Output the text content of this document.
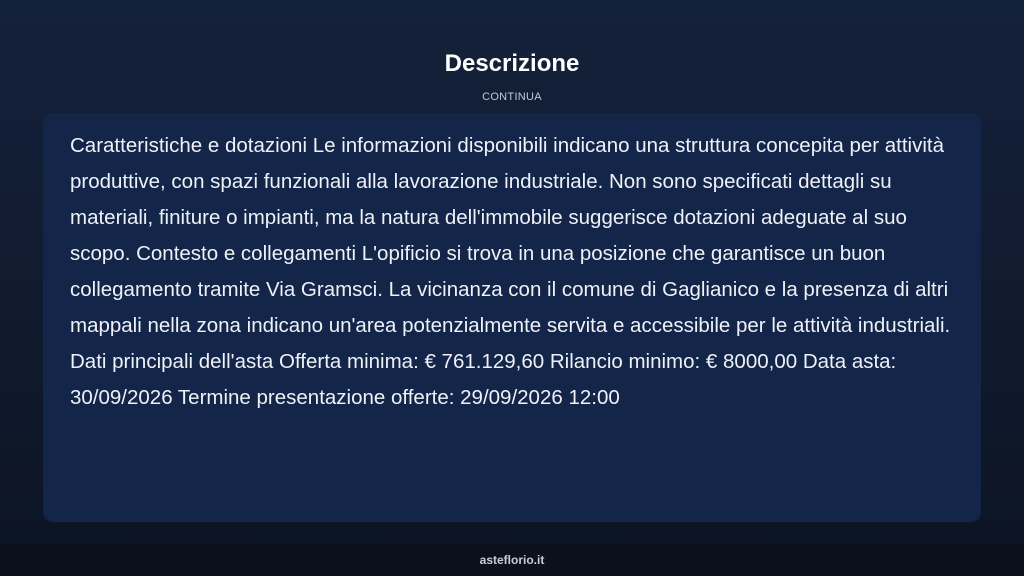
Descrizione
CONTINUA

Caratteristiche e dotazioni Le informazioni disponibili indicano una struttura concepita per attività produttive, con spazi funzionali alla lavorazione industriale. Non sono specificati dettagli su materiali, finiture o impianti, ma la natura dell'immobile suggerisce dotazioni adeguate al suo scopo. Contesto e collegamenti L'opificio si trova in una posizione che garantisce un buon collegamento tramite Via Gramsci. La vicinanza con il comune di Gaglianico e la presenza di altri mappali nella zona indicano un'area potenzialmente servita e accessibile per le attività industriali. Dati principali dell'asta Offerta minima: € 761.129,60 Rilancio minimo: € 8000,00 Data asta: 30/09/2026 Termine presentazione offerte: 29/09/2026 12:00

asteflorio.it
